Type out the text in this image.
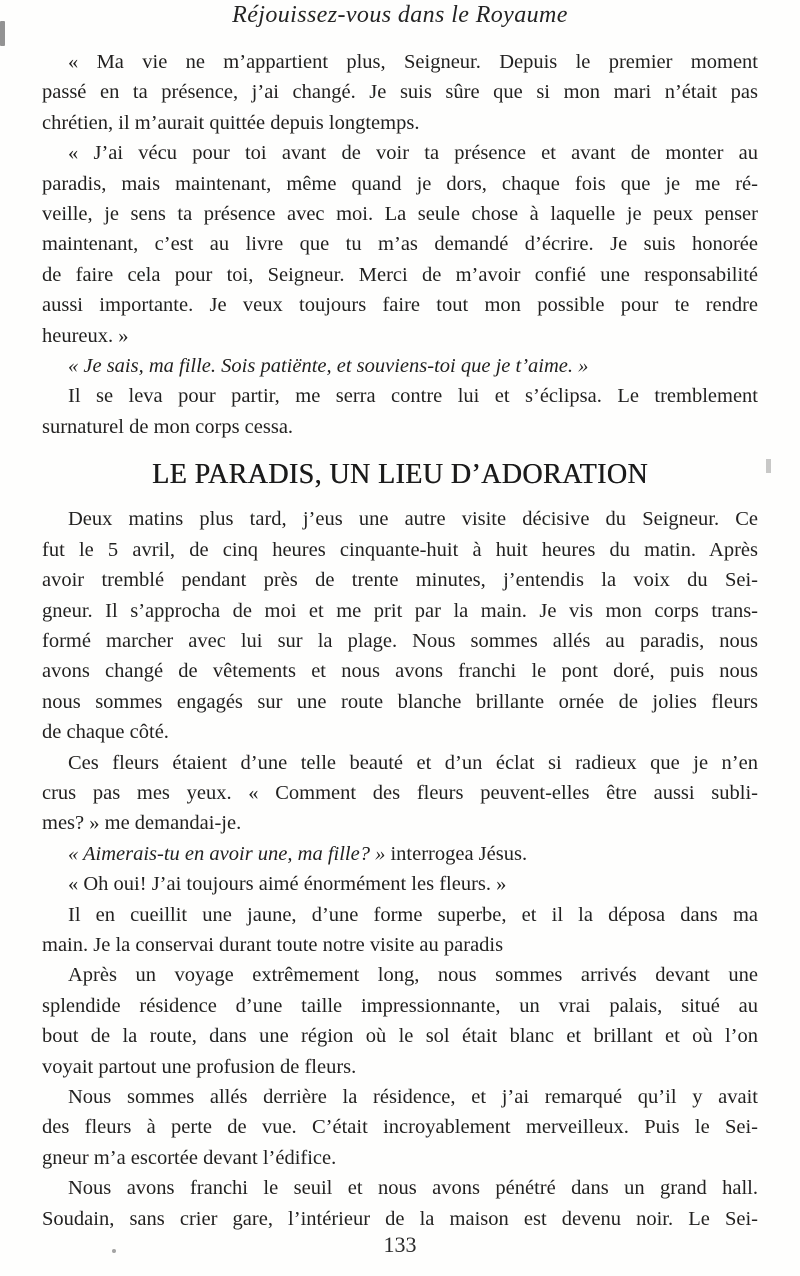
Réjouissez-vous dans le Royaume
« Ma vie ne m’appartient plus, Seigneur. Depuis le premier moment
passé en ta présence, j’ai changé. Je suis sûre que si mon mari n’était pas
chrétien, il m’aurait quittée depuis longtemps.
« J’ai vécu pour toi avant de voir ta présence et avant de monter au
paradis, mais maintenant, même quand je dors, chaque fois que je me ré-
veille, je sens ta présence avec moi. La seule chose à laquelle je peux penser
maintenant, c’est au livre que tu m’as demandé d’écrire. Je suis honorée
de faire cela pour toi, Seigneur. Merci de m’avoir confié une responsabilité
aussi importante. Je veux toujours faire tout mon possible pour te rendre
heureux. »
« Je sais, ma fille. Sois patiënte, et souviens-toi que je t’aime. »
Il se leva pour partir, me serra contre lui et s’éclipsa. Le tremblement
surnaturel de mon corps cessa.
LE PARADIS, UN LIEU D’ADORATION
Deux matins plus tard, j’eus une autre visite décisive du Seigneur. Ce
fut le 5 avril, de cinq heures cinquante-huit à huit heures du matin. Après
avoir tremblé pendant près de trente minutes, j’entendis la voix du Sei-
gneur. Il s’approcha de moi et me prit par la main. Je vis mon corps trans-
formé marcher avec lui sur la plage. Nous sommes allés au paradis, nous
avons changé de vêtements et nous avons franchi le pont doré, puis nous
nous sommes engagés sur une route blanche brillante ornée de jolies fleurs
de chaque côté.
Ces fleurs étaient d’une telle beauté et d’un éclat si radieux que je n’en
crus pas mes yeux. « Comment des fleurs peuvent-elles être aussi subli-
mes? » me demandai-je.
« Aimerais-tu en avoir une, ma fille? » interrogea Jésus.
« Oh oui! J’ai toujours aimé énormément les fleurs. »
Il en cueillit une jaune, d’une forme superbe, et il la déposa dans ma
main. Je la conservai durant toute notre visite au paradis
Après un voyage extrêmement long, nous sommes arrivés devant une
splendide résidence d’une taille impressionnante, un vrai palais, situé au
bout de la route, dans une région où le sol était blanc et brillant et où l’on
voyait partout une profusion de fleurs.
Nous sommes allés derrière la résidence, et j’ai remarqué qu’il y avait
des fleurs à perte de vue. C’était incroyablement merveilleux. Puis le Sei-
gneur m’a escortée devant l’édifice.
Nous avons franchi le seuil et nous avons pénétré dans un grand hall.
Soudain, sans crier gare, l’intérieur de la maison est devenu noir. Le Sei-
133
